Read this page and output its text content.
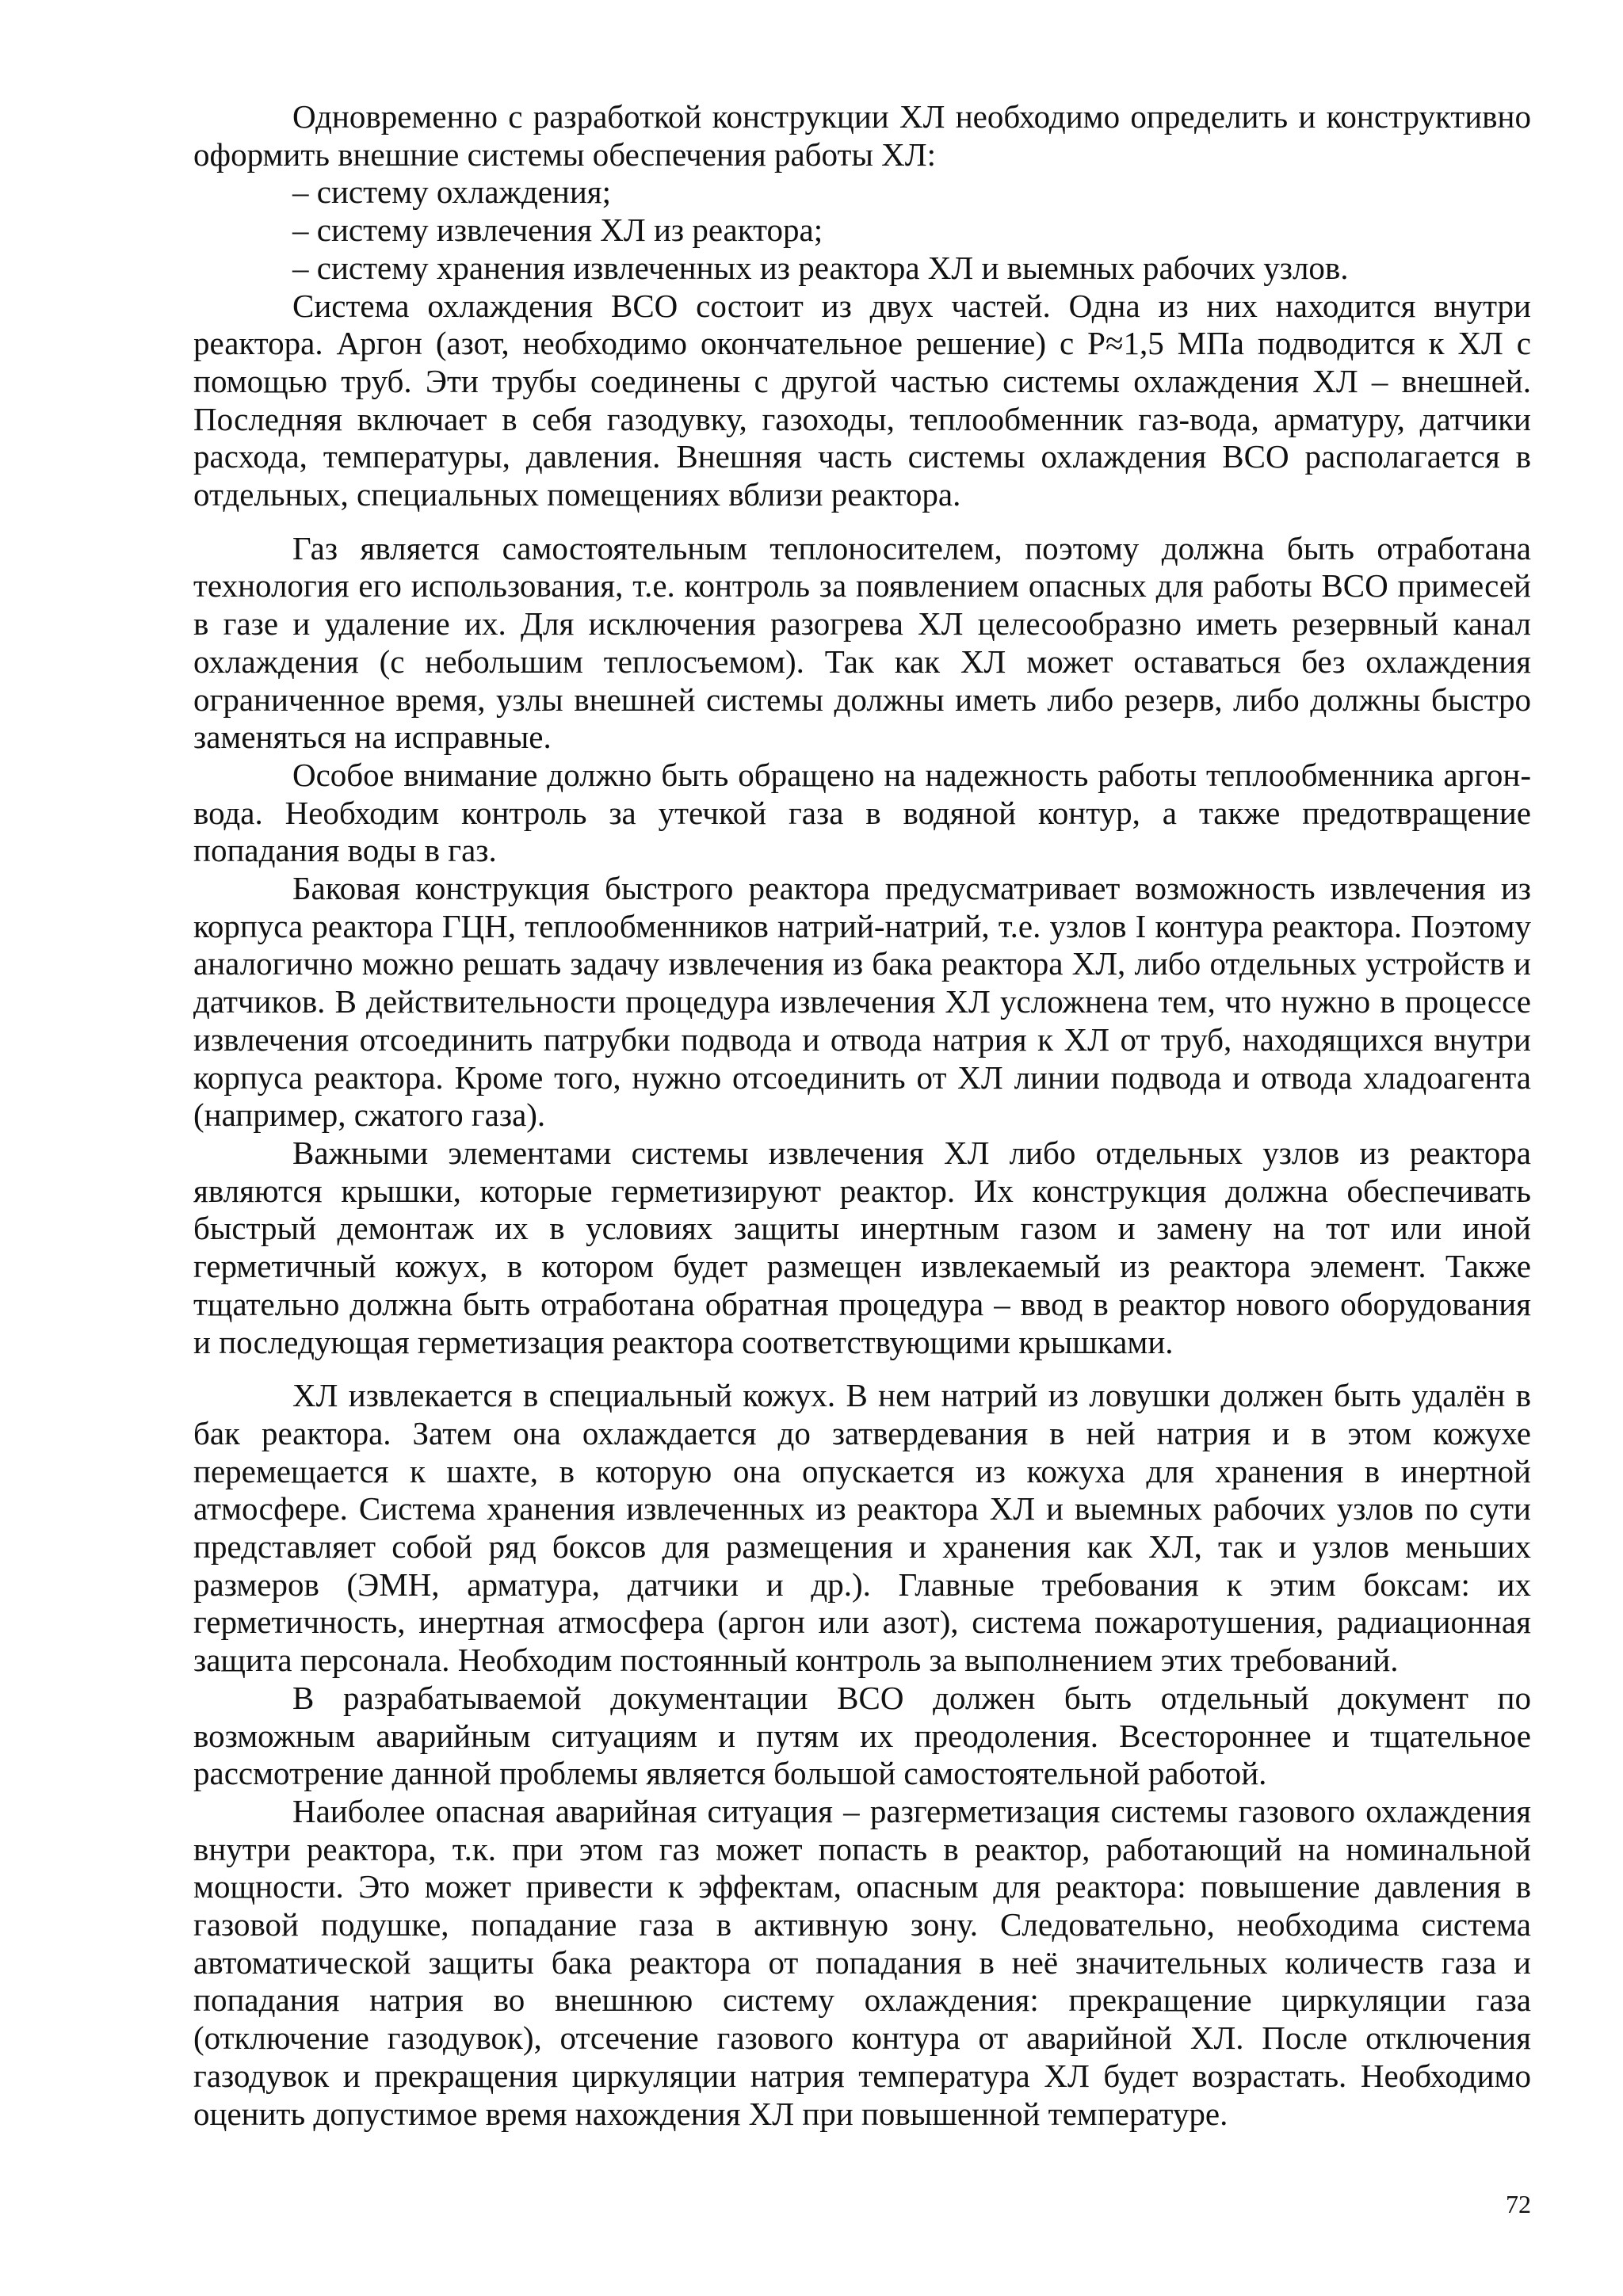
Одновременно с разработкой конструкции ХЛ необходимо определить и конструктивно оформить внешние системы обеспечения работы ХЛ:

– систему охлаждения;
– систему извлечения ХЛ из реактора;
– систему хранения извлеченных из реактора ХЛ и выемных рабочих узлов.

Система охлаждения ВСО состоит из двух частей. Одна из них находится внутри реактора. Аргон (азот, необходимо окончательное решение) с P≈1,5 МПа подводится к ХЛ с помощью труб. Эти трубы соединены с другой частью системы охлаждения ХЛ – внешней. Последняя включает в себя газодувку, газоходы, теплообменник газ-вода, арматуру, датчики расхода, температуры, давления. Внешняя часть системы охлаждения ВСО располагается в отдельных, специальных помещениях вблизи реактора.

Газ является самостоятельным теплоносителем, поэтому должна быть отработана технология его использования, т.е. контроль за появлением опасных для работы ВСО примесей в газе и удаление их. Для исключения разогрева ХЛ целесообразно иметь резервный канал охлаждения (с небольшим теплосъемом). Так как ХЛ может оставаться без охлаждения ограниченное время, узлы внешней системы должны иметь либо резерв, либо должны быстро заменяться на исправные.

Особое внимание должно быть обращено на надежность работы теплообменника аргон-вода. Необходим контроль за утечкой газа в водяной контур, а также предотвращение попадания воды в газ.

Баковая конструкция быстрого реактора предусматривает возможность извлечения из корпуса реактора ГЦН, теплообменников натрий-натрий, т.е. узлов I контура реактора. Поэтому аналогично можно решать задачу извлечения из бака реактора ХЛ, либо отдельных устройств и датчиков. В действительности процедура извлечения ХЛ усложнена тем, что нужно в процессе извлечения отсоединить патрубки подвода и отвода натрия к ХЛ от труб, находящихся внутри корпуса реактора. Кроме того, нужно отсоединить от ХЛ линии подвода и отвода хладоагента (например, сжатого газа).

Важными элементами системы извлечения ХЛ либо отдельных узлов из реактора являются крышки, которые герметизируют реактор. Их конструкция должна обеспечивать быстрый демонтаж их в условиях защиты инертным газом и замену на тот или иной герметичный кожух, в котором будет размещен извлекаемый из реактора элемент. Также тщательно должна быть отработана обратная процедура – ввод в реактор нового оборудования и последующая герметизация реактора соответствующими крышками.

ХЛ извлекается в специальный кожух. В нем натрий из ловушки должен быть удалён в бак реактора. Затем она охлаждается до затвердевания в ней натрия и в этом кожухе перемещается к шахте, в которую она опускается из кожуха для хранения в инертной атмосфере. Система хранения извлеченных из реактора ХЛ и выемных рабочих узлов по сути представляет собой ряд боксов для размещения и хранения как ХЛ, так и узлов меньших размеров (ЭМН, арматура, датчики и др.). Главные требования к этим боксам: их герметичность, инертная атмосфера (аргон или азот), система пожаротушения, радиационная защита персонала. Необходим постоянный контроль за выполнением этих требований.

В разрабатываемой документации ВСО должен быть отдельный документ по возможным аварийным ситуациям и путям их преодоления. Всестороннее и тщательное рассмотрение данной проблемы является большой самостоятельной работой.

Наиболее опасная аварийная ситуация – разгерметизация системы газового охлаждения внутри реактора, т.к. при этом газ может попасть в реактор, работающий на номинальной мощности. Это может привести к эффектам, опасным для реактора: повышение давления в газовой подушке, попадание газа в активную зону. Следовательно, необходима система автоматической защиты бака реактора от попадания в неё значительных количеств газа и попадания натрия во внешнюю систему охлаждения: прекращение циркуляции газа (отключение газодувок), отсечение газового контура от аварийной ХЛ. После отключения газодувок и прекращения циркуляции натрия температура ХЛ будет возрастать. Необходимо оценить допустимое время нахождения ХЛ при повышенной температуре.

72
